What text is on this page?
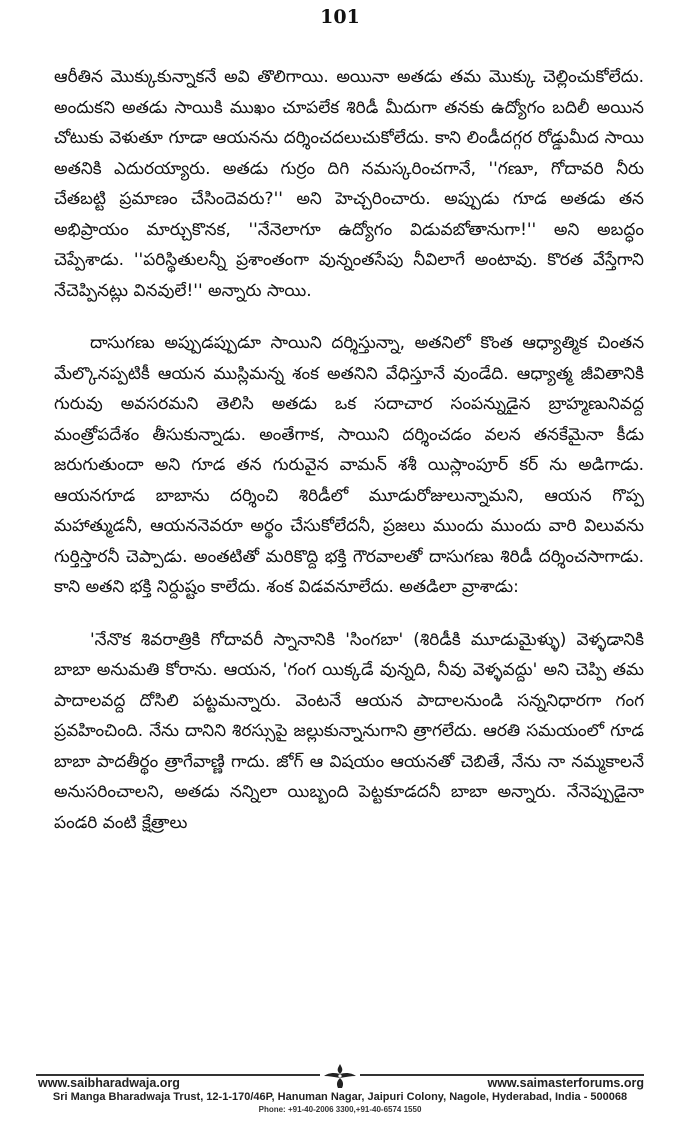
101

ఆరీతిన మొక్కుకున్నాకనే అవి తొలిగాయి. అయినా అతడు తమ మొక్కు చెల్లించుకోలేదు. అందుకని అతడు సాయికి ముఖం చూపలేక శిరిడీ మీదుగా తనకు ఉద్యోగం బదిలీ అయిన చోటుకు వెళుతూ గూడా ఆయనను దర్శించదలుచుకోలేదు. కాని లిండీదగ్గర రోడ్డుమీద సాయి అతనికి ఎదురయ్యారు. అతడు గుర్రం దిగి నమస్కరించగానే, ''గణూ, గోదావరి నీరు చేతబట్టి ప్రమాణం చేసిందెవరు?'' అని హెచ్చరించారు. అప్పుడు గూడ అతడు తన అభిప్రాయం మార్చుకొనక, ''నేనెలాగూ ఉద్యోగం విడువబోతానుగా!'' అని అబద్ధం చెప్పేశాడు. ''పరిస్థితులన్నీ ప్రశాంతంగా వున్నంతసేపు నీవిలాగే అంటావు. కొరత వేస్తేగాని నేచెప్పినట్లు వినవులే!'' అన్నారు సాయి.

దాసుగణు అప్పుడప్పుడూ సాయిని దర్శిస్తున్నా, అతనిలో కొంత ఆధ్యాత్మిక చింతన మేల్కొనప్పటికీ ఆయన ముస్లిమన్న శంక అతనిని వేధిస్తూనే వుండేది. ఆధ్యాత్మ జీవితానికి గురువు అవసరమని తెలిసి అతడు ఒక సదాచార సంపన్నుడైన బ్రాహ్మణునివద్ద మంత్రోపదేశం తీసుకున్నాడు. అంతేగాక, సాయిని దర్శించడం వలన తనకేమైనా కీడు జరుగుతుందా అని గూడ తన గురువైన వామన్ శశీ యిస్లాంపూర్ కర్ ను అడిగాడు. ఆయనగూడ బాబాను దర్శించి శిరిడీలో మూడురోజులున్నామని, ఆయన గొప్ప మహాత్ముడనీ, ఆయననెవరూ అర్థం చేసుకోలేదనీ, ప్రజలు ముందు ముందు వారి విలువను గుర్తిస్తారనీ చెప్పాడు. అంతటితో మరికొద్ది భక్తి గౌరవాలతో దాసుగణు శిరిడీ దర్శించసాగాడు. కాని అతని భక్తి నిర్దుష్టం కాలేదు. శంక విడవనూలేదు. అతడిలా వ్రాశాడు:

'నేనొక శివరాత్రికి గోదావరీ స్నానానికి 'సింగబా' (శిరిడీకి మూడుమైళ్ళు) వెళ్ళడానికి బాబా అనుమతి కోరాను. ఆయన, 'గంగ యిక్కడే వున్నది, నీవు వెళ్ళవద్దు' అని చెప్పి తమ పాదాలవద్ద దోసిలి పట్టమన్నారు. వెంటనే ఆయన పాదాలనుండి సన్ననిధారగా గంగ ప్రవహించింది. నేను దానిని శిరస్సుపై జల్లుకున్నానుగాని త్రాగలేదు. ఆరతి సమయంలో గూడ బాబా పాదతీర్థం త్రాగేవాణ్ణి గాదు. జోగ్ ఆ విషయం ఆయనతో చెబితే, నేను నా నమ్మకాలనే అనుసరించాలని, అతడు నన్నిలా యిబ్బంది పెట్టకూడదనీ బాబా అన్నారు. నేనెప్పుడైనా పండరి వంటి క్షేత్రాలు

www.saibharadwaja.org	www.saimasterforums.org
Sri Manga Bharadwaja Trust, 12-1-170/46P, Hanuman Nagar, Jaipuri Colony, Nagole, Hyderabad, India - 500068
Phone: +91-40-2006 3300,+91-40-6574 1550
